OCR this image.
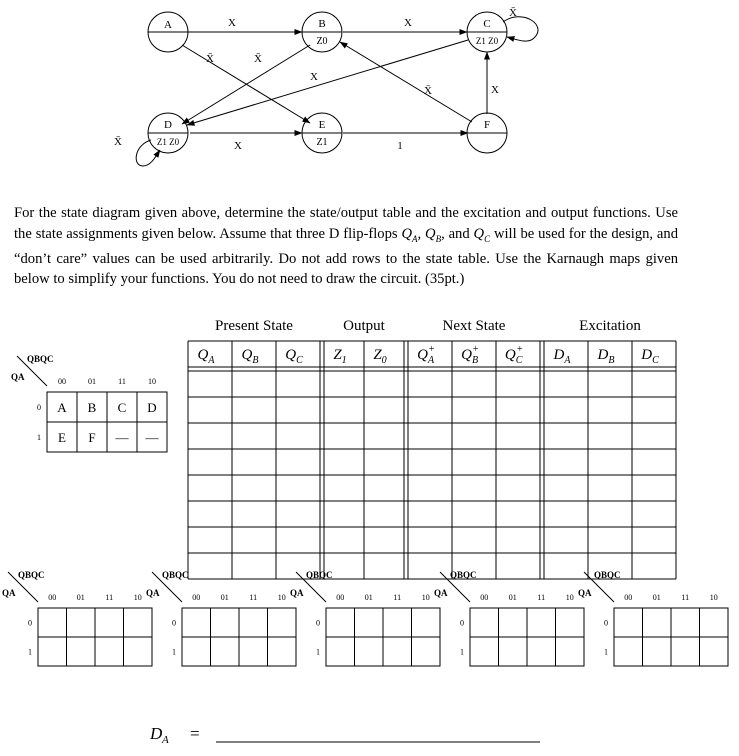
A	B	C
D	E	F
Z0	Z1 Z0
Z1 Z0	Z1
X
X̄
X
X̄
X̄
X
X̄	X	1
X
X̄
For the state diagram given above, determine the state/output table and the excitation and output functions. Use the state assignments given below. Assume that three D flip-flops $Q_A$, $Q_B$, and $Q_C$ will be used for the design, and “don’t care” values can be used arbitrarily. Do not add rows to the state table. Use the Karnaugh maps given below to simplify your functions. You do not need to draw the circuit. (35pt.)
Present State	Output	Next State	Excitation
$Q_A$ $Q_B$ $Q_C$ $Z_1$ $Z_0$ $Q_A+ Q_B+ Q_C+ D_A$ $D_B$ $D_C$
QBQC
QA	00	01	11	10
0
1
A B C D
E F — —
QBQC
QA	00	01	11	10
0
1
QBQC
QA	00	01	11	10
0
1
QBQC
QA	00	01	11	10
0
1
QBQC
QA	00	01	11	10
0
1
QBQC
QA	00	01	11	10
0
1
D A =
